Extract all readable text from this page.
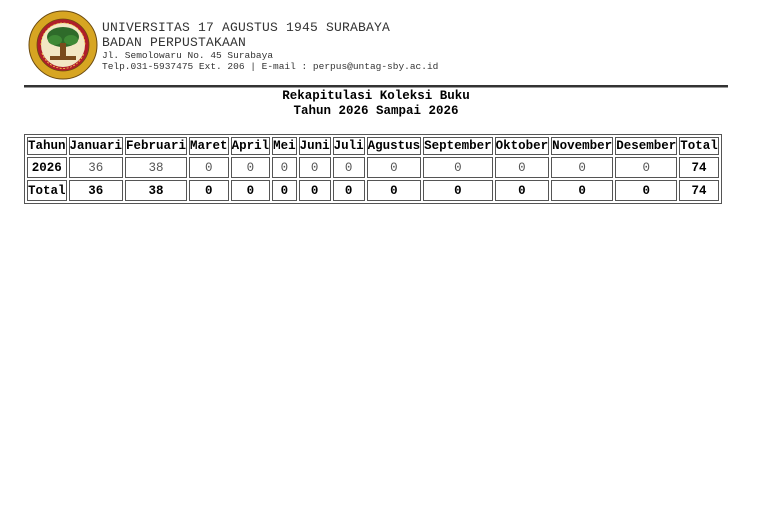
UNIVERSITAS 17 AGUSTUS 1945 SURABAYA
BADAN PERPUSTAKAAN
Jl. Semolowaru No. 45 Surabaya
Telp.031-5937475 Ext. 206 | E-mail : perpus@untag-sby.ac.id
Rekapitulasi Koleksi Buku
Tahun 2026 Sampai 2026
Tahun	Januari	Februari	Maret	April	Mei	Juni	Juli	Agustus	September	Oktober	November	Desember	Total
2026	36	38	0	0	0	0	0	0	0	0	0	0	74
Total	36	38	0	0	0	0	0	0	0	0	0	0	74
